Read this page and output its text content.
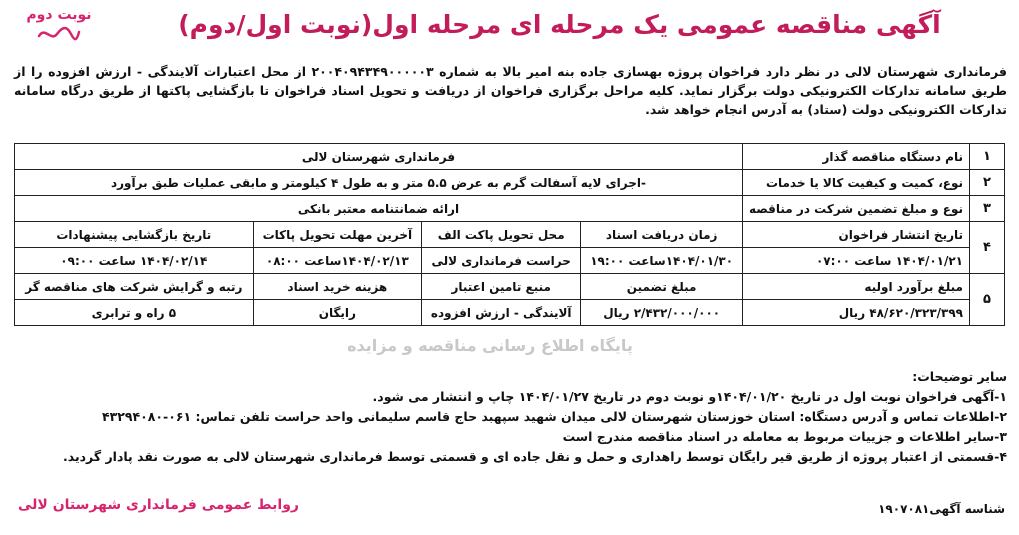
نوبت دوم	آگهی مناقصه عمومی یک مرحله ای مرحله اول(نوبت اول/دوم)
فرمانداری شهرستان لالی در نظر دارد فراخوان پروژه بهسازی جاده بنه امیر بالا به شماره ۲۰۰۴۰۹۴۳۴۹۰۰۰۰۰۳ از محل اعتبارات آلایندگی - ارزش افزوده را از طریق سامانه تدارکات الکترونیکی دولت برگزار نماید. کلیه مراحل برگزاری فراخوان از دریافت و تحویل اسناد فراخوان تا بازگشایی پاکتها از طریق درگاه سامانه تدارکات الکترونیکی دولت (ستاد) به آدرس انجام خواهد شد.
پایگاه اطلاع رسانی مناقصه و مزایده
۱	نام دستگاه مناقصه گذار	فرمانداری شهرستان لالی			
۲	نوع، کمیت و کیفیت کالا یا خدمات	-اجرای لایه آسفالت گرم به عرض ۵.۵ متر و به طول ۴ کیلومتر و مابقی عملیات طبق برآورد			
۳	نوع و مبلغ تضمین شرکت در مناقصه	ارائه ضمانتنامه معتبر بانکی			
۴	تاریخ انتشار فراخوان	زمان دریافت اسناد	محل تحویل پاکت الف	آخرین مهلت تحویل پاکات	تاریخ بازگشایی پیشنهادات
	۱۴۰۴/۰۱/۲۱ ساعت ۰۷:۰۰	۱۴۰۴/۰۱/۳۰ساعت ۱۹:۰۰	حراست فرمانداری لالی	۱۴۰۴/۰۲/۱۳ساعت ۰۸:۰۰	۱۴۰۴/۰۲/۱۴ ساعت ۰۹:۰۰
۵	مبلغ برآورد اولیه	مبلغ تضمین	منبع تامین اعتبار	هزینه خرید اسناد	رتبه و گرایش شرکت های مناقصه گر
	۴۸/۶۲۰/۳۲۳/۳۹۹ ریال	۲/۴۳۲/۰۰۰/۰۰۰ ریال	آلایندگی - ارزش افزوده	رایگان	۵ راه و ترابری
سایر توضیحات:
۱-آگهی فراخوان نوبت اول در تاریخ ۱۴۰۴/۰۱/۲۰و نوبت دوم در تاریخ ۱۴۰۴/۰۱/۲۷ چاپ و انتشار می شود.
۲-اطلاعات تماس و آدرس دستگاه: استان خوزستان شهرستان لالی میدان شهید سپهبد حاج قاسم سلیمانی واحد حراست تلفن تماس: ۰۶۱-۴۳۲۹۴۰۸۰
۳-سایر اطلاعات و جزییات مربوط به معامله در اسناد مناقصه مندرج است
۴-قسمتی از اعتبار پروژه از طریق قیر رایگان توسط راهداری و حمل و نقل جاده ای و قسمتی توسط فرمانداری شهرستان لالی به صورت نقد پادار گردید.
روابط عمومی فرمانداری شهرستان لالی	شناسه آگهی۱۹۰۷۰۸۱
